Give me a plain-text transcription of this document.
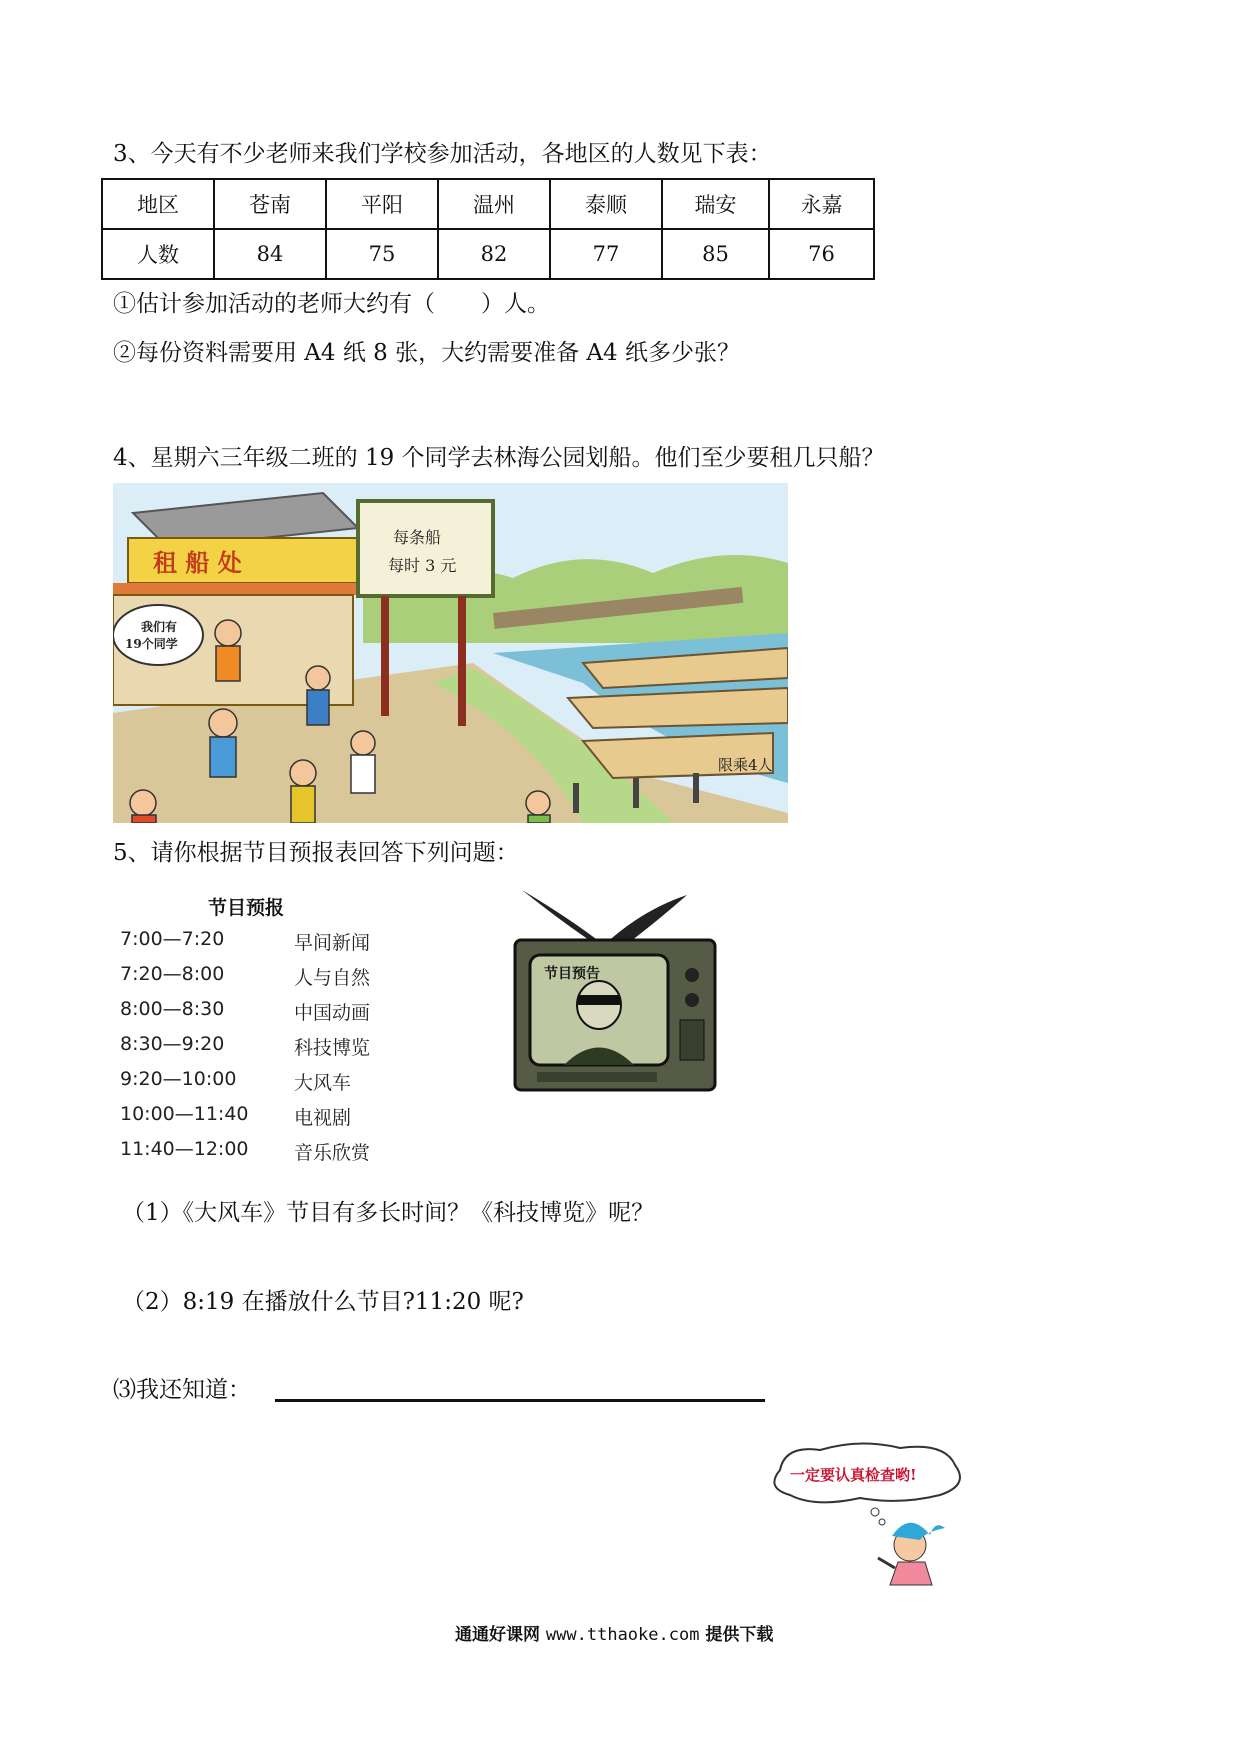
3、今天有不少老师来我们学校参加活动，各地区的人数见下表：
地区	苍南	平阳	温州	泰顺	瑞安	永嘉
人数	84	75	82	77	85	76
①估计参加活动的老师大约有（　　）人。
②每份资料需要用 A4 纸 8 张，大约需要准备 A4 纸多少张？
4、星期六三年级二班的 19 个同学去林海公园划船。他们至少要租几只船？
限乘4人
租 船 处
每条船
每时 3 元
我们有
19个同学
5、请你根据节目预报表回答下列问题：
节目预报
7:00—7:20	早间新闻
7:20—8:00	人与自然
8:00—8:30	中国动画
8:30—9:20	科技博览
9:20—10:00	大风车
10:00—11:40	电视剧
11:40—12:00	音乐欣赏
节目预告
（1）《大风车》节目有多长时间？《科技博览》呢？
（2）8:19 在播放什么节目?11:20 呢?
⑶我还知道：
一定要认真检查哟!
通通好课网 www.tthaoke.com 提供下载
